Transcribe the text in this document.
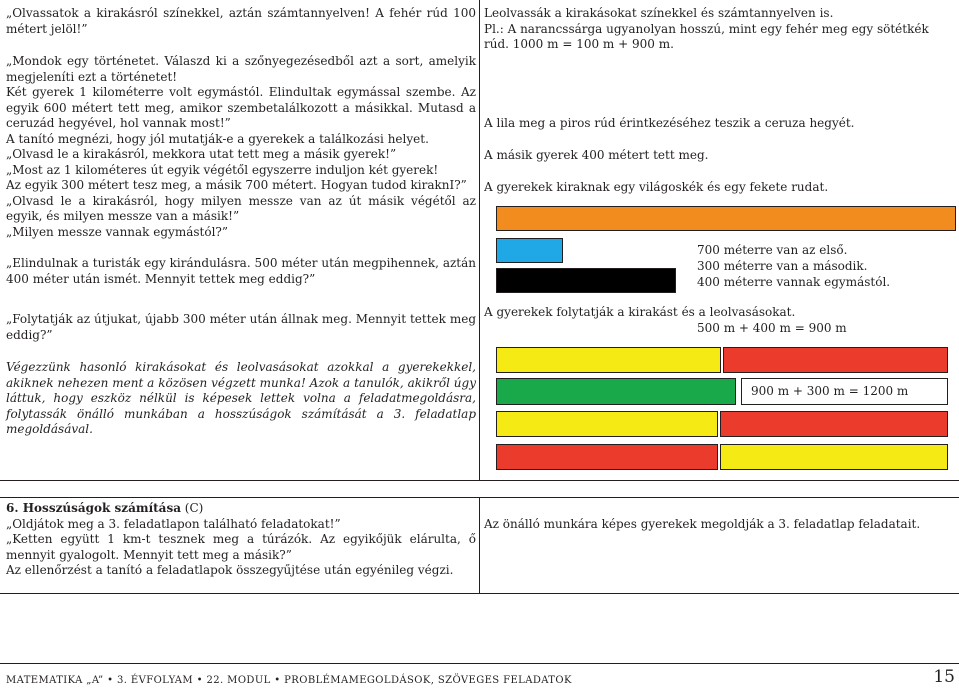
„Olvassatok a kirakásról színekkel, aztán számtannyelven! A fehér rúd 100 métert jelöl!”

„Mondok egy történetet. Válaszd ki a szőnyegezésedből azt a sort, amelyik megjeleníti ezt a történetet!

Két gyerek 1 kilométerre volt egymástól. Elindultak egymással szembe. Az egyik 600 métert tett meg, amikor szembetalálkozott a másikkal. Mutasd a ceruzád hegyével, hol vannak most!”

A tanító megnézi, hogy jól mutatják-e a gyerekek a találkozási helyet.

„Olvasd le a kirakásról, mekkora utat tett meg a másik gyerek!”

„Most az 1 kilométeres út egyik végétől egyszerre induljon két gyerek!

Az egyik 300 métert tesz meg, a másik 700 métert. Hogyan tudod kiraknI?”

„Olvasd le a kirakásról, hogy milyen messze van az út másik végétől az egyik, és milyen messze van a másik!”

„Milyen messze vannak egymástól?”

„Elindulnak a turisták egy kirándulásra. 500 méter után megpihennek, aztán 400 méter után ismét. Mennyit tettek meg eddig?”

„Folytatják az útjukat, újabb 300 méter után állnak meg. Mennyit tettek meg eddig?”

Végezzünk hasonló kirakásokat és leolvasásokat azokkal a gyerekekkel, akiknek nehezen ment a közösen végzett munka! Azok a tanulók, akikről úgy láttuk, hogy eszköz nélkül is képesek lettek volna a feladatmegoldásra, folytassák önálló munkában a hosszúságok számítását a 3. feladatlap megoldásával.

Leolvassák a kirakásokat színekkel és számtannyelven is.

Pl.: A narancssárga ugyanolyan hosszú, mint egy fehér meg egy sötétkék rúd. 1000 m = 100 m + 900 m.

A lila meg a piros rúd érintkezéséhez teszik a ceruza hegyét.

A másik gyerek 400 métert tett meg.

A gyerekek kiraknak egy világoskék és egy fekete rudat.

700 méterre van az első.

300 méterre van a második.

400 méterre vannak egymástól.

A gyerekek folytatják a kirakást és a leolvasásokat.

500 m + 400 m = 900 m

900 m + 300 m = 1200 m

6. Hosszúságok számítása (C)

„Oldjátok meg a 3. feladatlapon található feladatokat!”

„Ketten együtt 1 km-t tesznek meg a túrázók. Az egyikőjük elárulta, ő mennyit gyalogolt. Mennyit tett meg a másik?”

Az ellenőrzést a tanító a feladatlapok összegyűjtése után egyénileg végzi.

Az önálló munkára képes gyerekek megoldják a 3. feladatlap feladatait.

MATEMATIKA „A” • 3. ÉVFOLYAM • 22. MODUL • PROBLÉMAMEGOLDÁSOK, SZÖVEGES FELADATOK	15
